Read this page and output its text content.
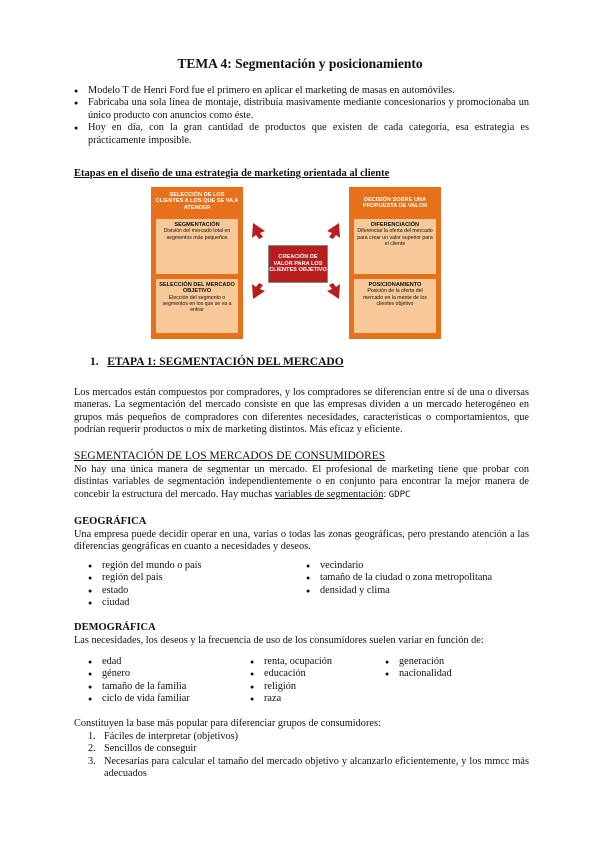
TEMA 4: Segmentación y posicionamiento
● Modelo T de Henri Ford fue el primero en aplicar el marketing de masas en automóviles.
● Fabricaba una sola línea de montaje, distribuía masivamente mediante concesionarios y promocionaba un único producto con anuncios como éste.
● Hoy en día, con la gran cantidad de productos que existen de cada categoría, esa estrategia es prácticamente imposible.
Etapas en el diseño de una estrategia de marketing orientada al cliente
SELECCIÓN DE LOS CLIENTES A LOS QUE SE VA A ATENDER
SEGMENTACIÓN
División del mercado total en segmentos más pequeños
SELECCIÓN DEL MERCADO OBJETIVO
Elección del segmento o segmentos en los que se va a entrar
CREACIÓN DE VALOR PARA LOS CLIENTES OBJETIVO
DECISIÓN SOBRE UNA PROPUESTA DE VALOR
DIFERENCIACIÓN
Diferenciar la oferta del mercado para crear un valor superior para el cliente
POSICIONAMIENTO
Posición de la oferta del mercado en la mente de los clientes objetivo
1. ETAPA 1: SEGMENTACIÓN DEL MERCADO
Los mercados están compuestos por compradores, y los compradores se diferencian entre sí de una o diversas maneras. La segmentación del mercado consiste en que las empresas dividen a un mercado heterogéneo en grupos más pequeños de compradores con diferentes necesidades, características o comportamientos, que podrían requerir productos o mix de marketing distintos. Más eficaz y eficiente.
SEGMENTACIÓN DE LOS MERCADOS DE CONSUMIDORES
No hay una única manera de segmentar un mercado. El profesional de marketing tiene que probar con distintas variables de segmentación independientemente o en conjunto para encontrar la mejor manera de concebir la estructura del mercado. Hay muchas variables de segmentación: GDPC
GEOGRÁFICA
Una empresa puede decidir operar en una, varias o todas las zonas geográficas, pero prestando atención a las diferencias geográficas en cuanto a necesidades y deseos.
● región del mundo o país
● región del país
● estado
● ciudad
● vecindario
● tamaño de la ciudad o zona metropolitana
● densidad y clima
DEMOGRÁFICA
Las necesidades, los deseos y la frecuencia de uso de los consumidores suelen variar en función de:
● edad
● género
● tamaño de la familia
● ciclo de vida familiar
● renta, ocupación
● educación
● religión
● raza
● generación
● nacionalidad
Constituyen la base más popular para diferenciar grupos de consumidores:
1. Fáciles de interpretar (objetivos)
2. Sencillos de conseguir
3. Necesarias para calcular el tamaño del mercado objetivo y alcanzarlo eficientemente, y los mmcc más adecuados
